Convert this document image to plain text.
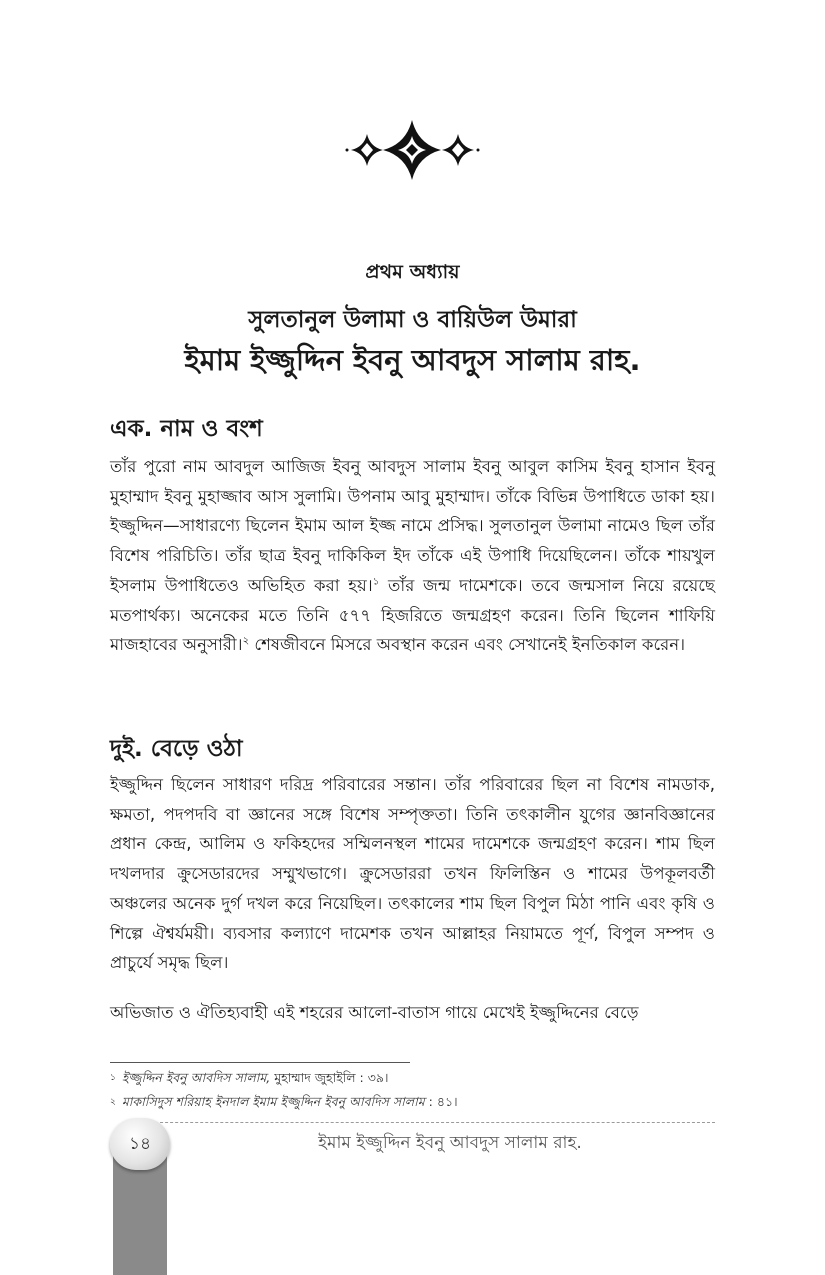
প্রথম অধ্যায়
সুলতানুল উলামা ও বায়িউল উমারা
ইমাম ইজ্জুদ্দিন ইবনু আবদুস সালাম রাহ.
এক. নাম ও বংশ

তাঁর পুরো নাম আবদুল আজিজ ইবনু আবদুস সালাম ইবনু আবুল কাসিম ইবনু হাসান ইবনু মুহাম্মাদ ইবনু মুহাজ্জাব আস সুলামি। উপনাম আবু মুহাম্মাদ। তাঁকে বিভিন্ন উপাধিতে ডাকা হয়। ইজ্জুদ্দিন—সাধারণ্যে ছিলেন ইমাম আল ইজ্জ নামে প্রসিদ্ধ। সুলতানুল উলামা নামেও ছিল তাঁর বিশেষ পরিচিতি। তাঁর ছাত্র ইবনু দাকিকিল ইদ তাঁকে এই উপাধি দিয়েছিলেন। তাঁকে শায়খুল ইসলাম উপাধিতেও অভিহিত করা হয়।$^১$ তাঁর জন্ম দামেশকে। তবে জন্মসাল নিয়ে রয়েছে মতপার্থক্য। অনেকের মতে তিনি ৫৭৭ হিজরিতে জন্মগ্রহণ করেন। তিনি ছিলেন শাফিয়ি মাজহাবের অনুসারী।$^২$ শেষজীবনে মিসরে অবস্থান করেন এবং সেখানেই ইনতিকাল করেন।

দুই. বেড়ে ওঠা

ইজ্জুদ্দিন ছিলেন সাধারণ দরিদ্র পরিবারের সন্তান। তাঁর পরিবারের ছিল না বিশেষ নামডাক, ক্ষমতা, পদপদবি বা জ্ঞানের সঙ্গে বিশেষ সম্পৃক্ততা। তিনি তৎকালীন যুগের জ্ঞানবিজ্ঞানের প্রধান কেন্দ্র, আলিম ও ফকিহদের সম্মিলনস্থল শামের দামেশকে জন্মগ্রহণ করেন। শাম ছিল দখলদার ক্রুসেডারদের সম্মুখভাগে। ক্রুসেডাররা তখন ফিলিস্তিন ও শামের উপকূলবর্তী অঞ্চলের অনেক দুর্গ দখল করে নিয়েছিল। তৎকালের শাম ছিল বিপুল মিঠা পানি এবং কৃষি ও শিল্পে ঐশ্বর্যময়ী। ব্যবসার কল্যাণে দামেশক তখন আল্লাহর নিয়ামতে পূর্ণ, বিপুল সম্পদ ও প্রাচুর্যে সমৃদ্ধ ছিল।

অভিজাত ও ঐতিহ্যবাহী এই শহরের আলো-বাতাস গায়ে মেখেই ইজ্জুদ্দিনের বেড়ে

$^১$ ইজ্জুদ্দিন ইবনু আবদিস সালাম, মুহাম্মাদ জুহাইলি : ৩৯।
$^২$ মাকাসিদুস শরিয়াহ ইনদাল ইমাম ইজ্জুদ্দিন ইবনু আবদিস সালাম : ৪১।
১৪	ইমাম ইজ্জুদ্দিন ইবনু আবদুস সালাম রাহ.
